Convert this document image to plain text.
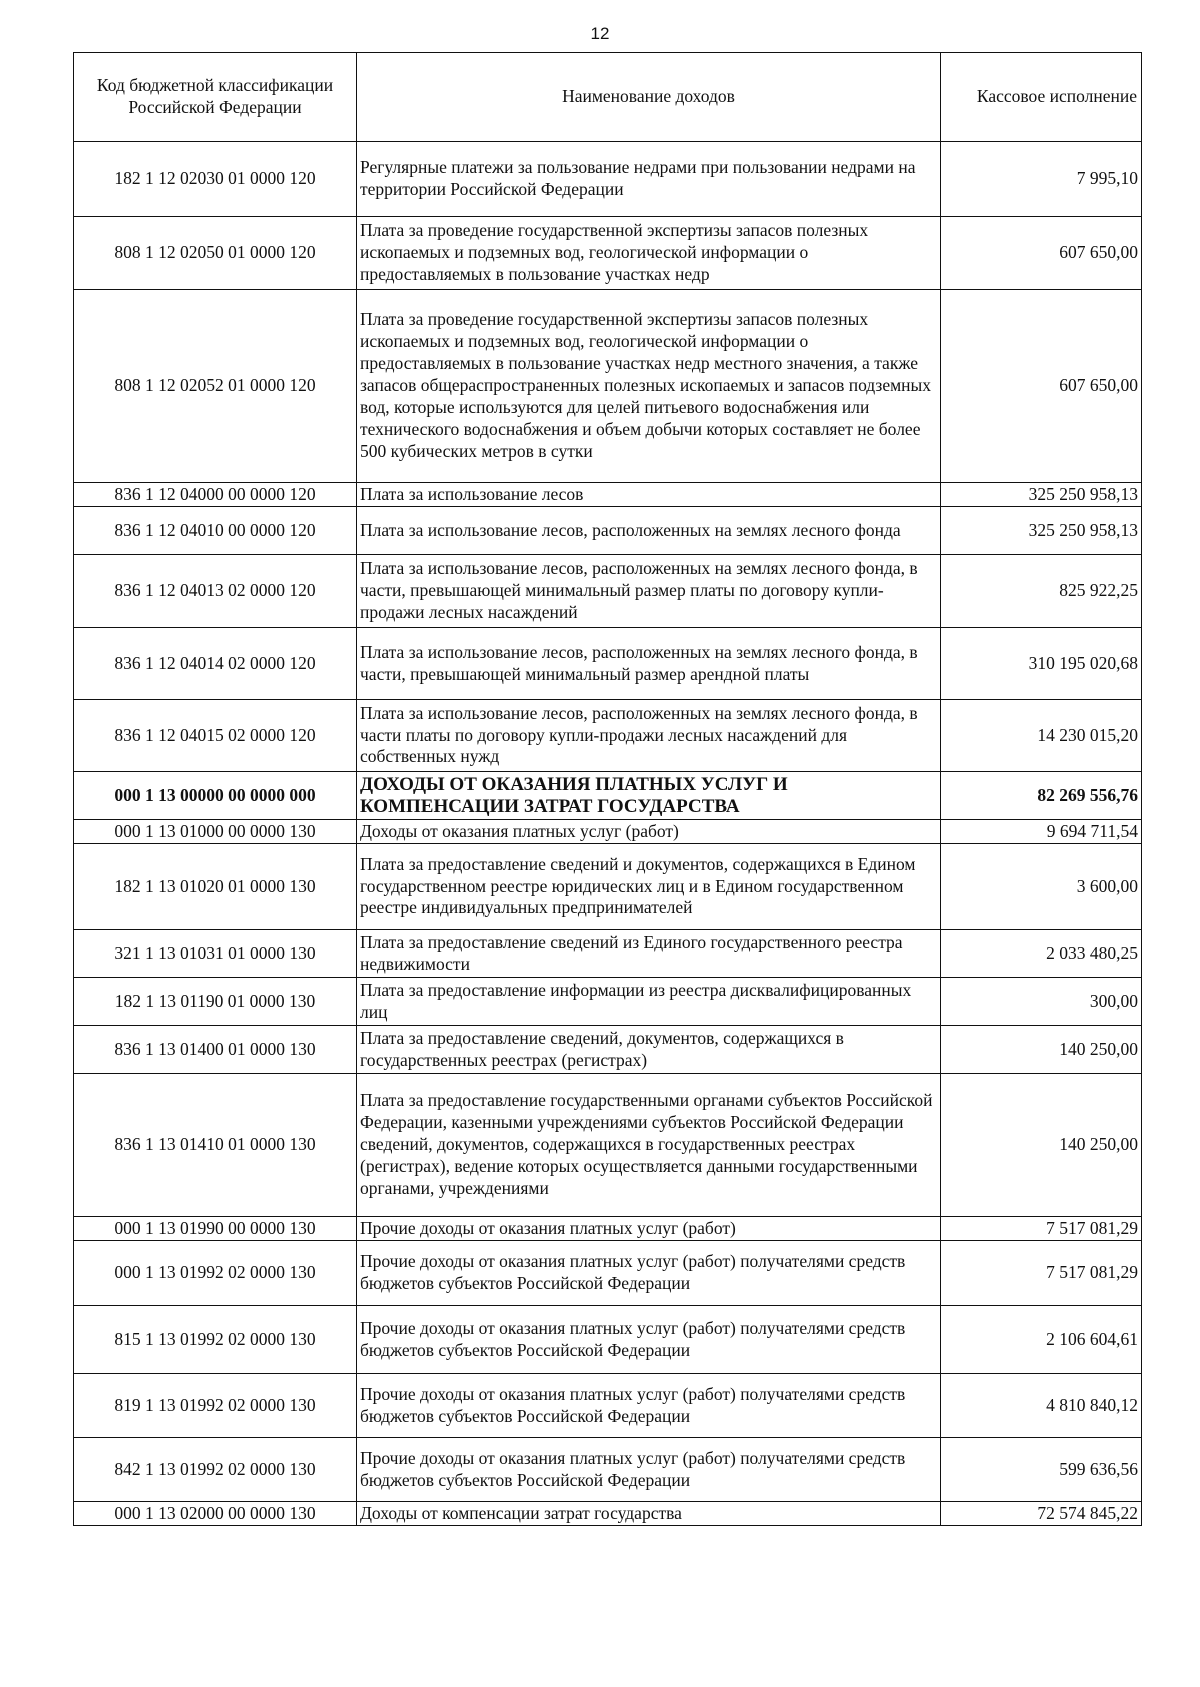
12
Код бюджетной классификации Российской Федерации	Наименование доходов	Кассовое исполнение
182 1 12 02030 01 0000 120	Регулярные платежи за пользование недрами при пользовании недрами на территории Российской Федерации	7 995,10
808 1 12 02050 01 0000 120	Плата за проведение государственной экспертизы запасов полезных ископаемых и подземных вод, геологической информации о предоставляемых в пользование участках недр	607 650,00
808 1 12 02052 01 0000 120	Плата за проведение государственной экспертизы запасов полезных ископаемых и подземных вод, геологической информации о предоставляемых в пользование участках недр местного значения, а также запасов общераспространенных полезных ископаемых и запасов подземных вод, которые используются для целей питьевого водоснабжения или технического водоснабжения и объем добычи которых составляет не более 500 кубических метров в сутки	607 650,00
836 1 12 04000 00 0000 120	Плата за использование лесов	325 250 958,13
836 1 12 04010 00 0000 120	Плата за использование лесов, расположенных на землях лесного фонда	325 250 958,13
836 1 12 04013 02 0000 120	Плата за использование лесов, расположенных на землях лесного фонда, в части, превышающей минимальный размер платы по договору купли-продажи лесных насаждений	825 922,25
836 1 12 04014 02 0000 120	Плата за использование лесов, расположенных на землях лесного фонда, в части, превышающей минимальный размер арендной платы	310 195 020,68
836 1 12 04015 02 0000 120	Плата за использование лесов, расположенных на землях лесного фонда, в части платы по договору купли-продажи лесных насаждений для собственных нужд	14 230 015,20
000 1 13 00000 00 0000 000	ДОХОДЫ ОТ ОКАЗАНИЯ ПЛАТНЫХ УСЛУГ И КОМПЕНСАЦИИ ЗАТРАТ ГОСУДАРСТВА	82 269 556,76
000 1 13 01000 00 0000 130	Доходы от оказания платных услуг (работ)	9 694 711,54
182 1 13 01020 01 0000 130	Плата за предоставление сведений и документов, содержащихся в Едином государственном реестре юридических лиц и в Едином государственном реестре индивидуальных предпринимателей	3 600,00
321 1 13 01031 01 0000 130	Плата за предоставление сведений из Единого государственного реестра недвижимости	2 033 480,25
182 1 13 01190 01 0000 130	Плата за предоставление информации из реестра дисквалифицированных лиц	300,00
836 1 13 01400 01 0000 130	Плата за предоставление сведений, документов, содержащихся в государственных реестрах (регистрах)	140 250,00
836 1 13 01410 01 0000 130	Плата за предоставление государственными органами субъектов Российской Федерации, казенными учреждениями субъектов Российской Федерации сведений, документов, содержащихся в государственных реестрах (регистрах), ведение которых осуществляется данными государственными органами, учреждениями	140 250,00
000 1 13 01990 00 0000 130	Прочие доходы от оказания платных услуг (работ)	7 517 081,29
000 1 13 01992 02 0000 130	Прочие доходы от оказания платных услуг (работ) получателями средств бюджетов субъектов Российской Федерации	7 517 081,29
815 1 13 01992 02 0000 130	Прочие доходы от оказания платных услуг (работ) получателями средств бюджетов субъектов Российской Федерации	2 106 604,61
819 1 13 01992 02 0000 130	Прочие доходы от оказания платных услуг (работ) получателями средств бюджетов субъектов Российской Федерации	4 810 840,12
842 1 13 01992 02 0000 130	Прочие доходы от оказания платных услуг (работ) получателями средств бюджетов субъектов Российской Федерации	599 636,56
000 1 13 02000 00 0000 130	Доходы от компенсации затрат государства	72 574 845,22
